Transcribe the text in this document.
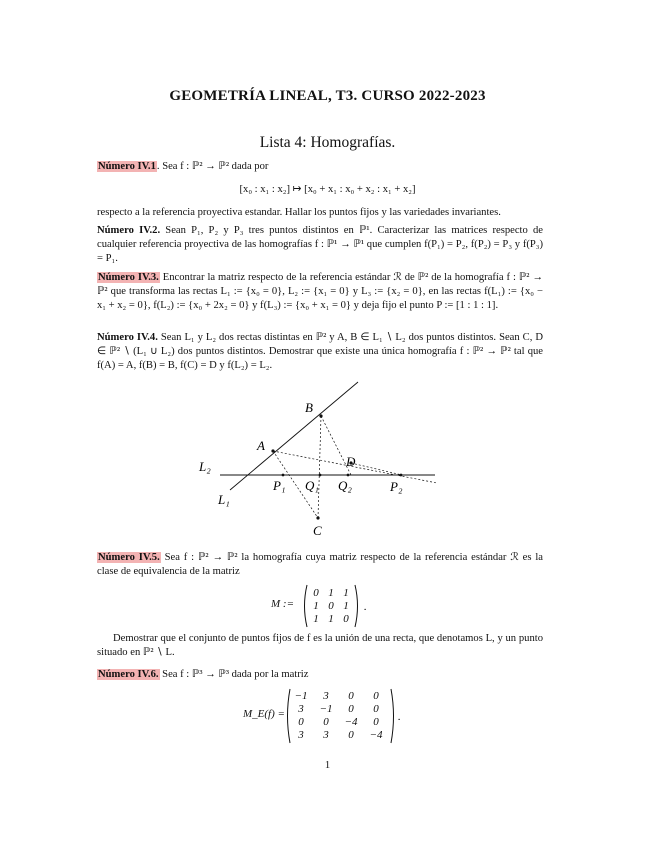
GEOMETRÍA LINEAL, T3. CURSO 2022-2023
Lista 4: Homografías.
Número IV.1. Sea f : ℙ² → ℙ² dada por
[x₀ : x₁ : x₂] ↦ [x₀ + x₁ : x₀ + x₂ : x₁ + x₂]
respecto a la referencia proyectiva estandar. Hallar los puntos fijos y las variedades invariantes.
Número IV.2. Sean P₁, P₂ y P₃ tres puntos distintos en ℙ¹. Caracterizar las matrices respecto de cualquier referencia proyectiva de las homografías f : ℙ¹ → ℙ¹ que cumplen f(P₁) = P₂, f(P₂) = P₃ y f(P₃) = P₁.
Número IV.3. Encontrar la matriz respecto de la referencia estándar ℛ de ℙ² de la homografía f : ℙ² → ℙ² que transforma las rectas L₁ := {x₀ = 0}, L₂ := {x₁ = 0} y L₃ := {x₂ = 0}, en las rectas f(L₁) := {x₀ − x₁ + x₂ = 0}, f(L₂) := {x₀ + 2x₂ = 0} y f(L₃) := {x₀ + x₁ = 0} y deja fijo el punto P := [1 : 1 : 1].
Número IV.4. Sean L₁ y L₂ dos rectas distintas en ℙ² y A, B ∈ L₁ ∖ L₂ dos puntos distintos. Sean C, D ∈ ℙ² ∖ (L₁ ∪ L₂) dos puntos distintos. Demostrar que existe una única homografía f : ℙ² → ℙ² tal que f(A) = A, f(B) = B, f(C) = D y f(L₂) = L₂.
A
B
C
D
L₁
L₂
P₁ Q₁ Q₂	P₂
Número IV.5. Sea f : ℙ² → ℙ² la homografía cuya matriz respecto de la referencia estándar ℛ es la clase de equivalencia de la matriz
M :=
0 1 1
1 0 1
1 1 0
.
Demostrar que el conjunto de puntos fijos de f es la unión de una recta, que denotamos L, y un punto situado en ℙ² ∖ L.
Número IV.6. Sea f : ℙ³ → ℙ³ dada por la matriz
M_E(f) =
−1 3 0 0
3 −1 0 0
0 0 −4 0
3 3 0 −4
.
1
